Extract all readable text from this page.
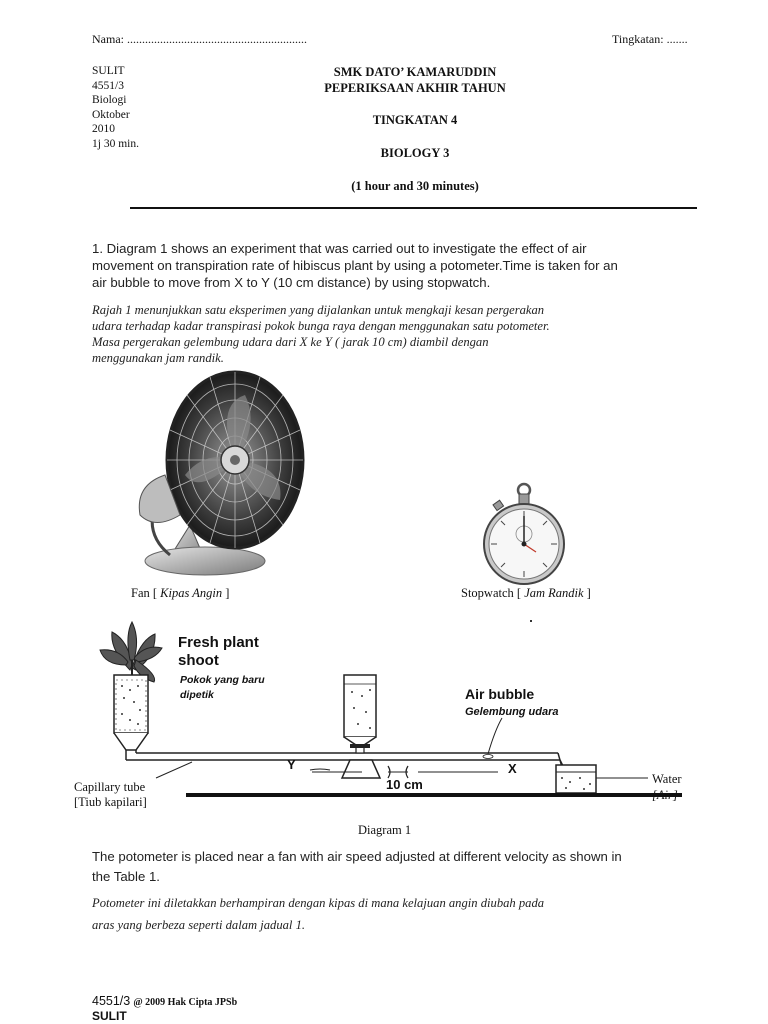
Nama: ............................................................	Tingkatan: .......
SULIT
4551/3
Biologi
Oktober
2010
1j 30 min.
SMK DATO’ KAMARUDDIN
PEPERIKSAAN AKHIR TAHUN
TINGKATAN 4
BIOLOGY 3
(1 hour and 30 minutes)
1. Diagram 1 shows an experiment that was carried out to investigate the effect of air
movement on transpiration rate of hibiscus plant by using a potometer.Time is taken for an
air bubble to move from X to Y (10 cm distance) by using stopwatch.
Rajah 1 menunjukkan satu eksperimen yang dijalankan untuk mengkaji kesan pergerakan
udara terhadap kadar transpirasi pokok bunga raya dengan menggunakan satu potometer.
Masa pergerakan gelembung udara dari X ke Y ( jarak 10 cm) diambil dengan
menggunakan jam randik.
Fan [ Kipas Angin ]	Stopwatch [ Jam Randik ]
Fresh plant
shoot
Pokok yang baru
dipetik	Air bubble
Gelembung udara
Y	X
10 cm
Capillary tube
[Tiub kapilari]
Water
[Air]
Diagram 1
The potometer is placed near a fan with air speed adjusted at different velocity as shown in
the Table 1.
Potometer ini diletakkan berhampiran dengan kipas di mana kelajuan angin diubah pada
aras yang berbeza seperti dalam jadual 1.
4551/3 @ 2009 Hak Cipta JPSb
SULIT
